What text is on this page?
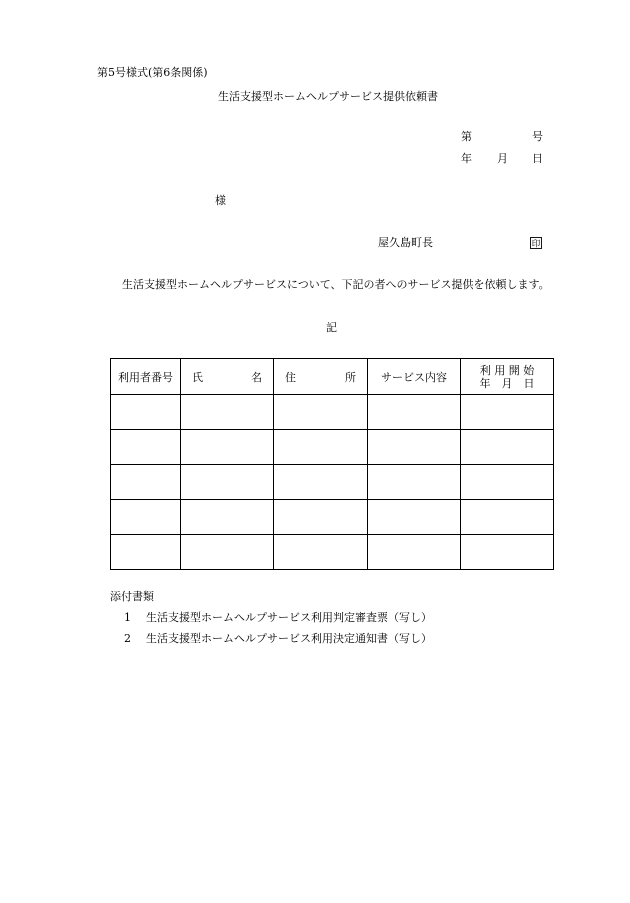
第5号様式(第6条関係)
生活支援型ホームヘルプサービス提供依頼書
第	号
年 月 日
様
屋久島町長	印
生活支援型ホームヘルプサービスについて、下記の者へのサービス提供を依頼します。
記
利用者番号	氏 名	住 所	サービス内容	利 用 開 始
年　月　日

添付書類
1 生活支援型ホームヘルプサービス利用判定審査票（写し）
2 生活支援型ホームヘルプサービス利用決定通知書（写し）
